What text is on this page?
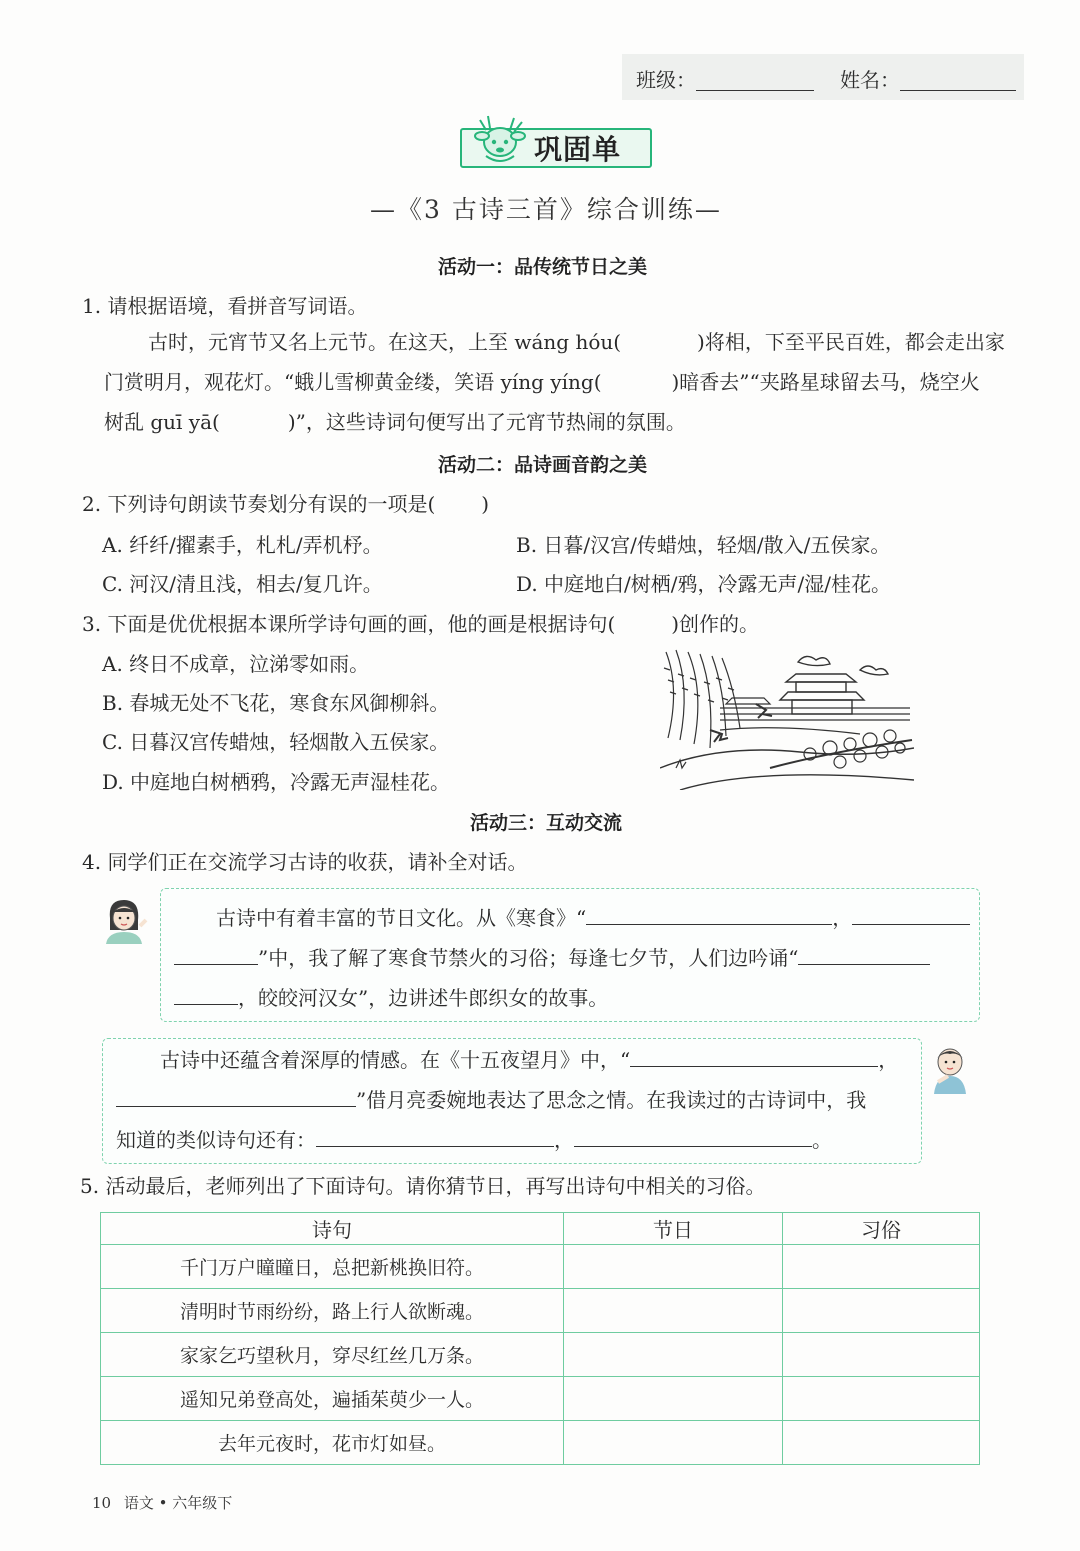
班级：	姓名：
巩固单
—《3 古诗三首》综合训练—
活动一：品传统节日之美
1. 请根据语境，看拼音写词语。
古时，元宵节又名上元节。在这天，上至 wáng hóu(	)将相，下至平民百姓，都会走出家
门赏明月，观花灯。“蛾儿雪柳黄金缕，笑语 yíng yíng(	)暗香去”“夹路星球留去马，烧空火
树乱 guī yā(	)”，这些诗词句便写出了元宵节热闹的氛围。
活动二：品诗画音韵之美
2. 下列诗句朗读节奏划分有误的一项是( )
A. 纤纤/擢素手，札札/弄机杼。	B. 日暮/汉宫/传蜡烛，轻烟/散入/五侯家。
C. 河汉/清且浅，相去/复几许。	D. 中庭地白/树栖/鸦，冷露无声/湿/桂花。
3. 下面是优优根据本课所学诗句画的画，他的画是根据诗句(	)创作的。
A. 终日不成章，泣涕零如雨。
B. 春城无处不飞花，寒食东风御柳斜。
C. 日暮汉宫传蜡烛，轻烟散入五侯家。
D. 中庭地白树栖鸦，冷露无声湿桂花。
活动三：互动交流
4. 同学们正在交流学习古诗的收获，请补全对话。
古诗中有着丰富的节日文化。从《寒食》“	，
”中，我了解了寒食节禁火的习俗；每逢七夕节，人们边吟诵“
，皎皎河汉女”，边讲述牛郎织女的故事。
古诗中还蕴含着深厚的情感。在《十五夜望月》中，“	，
”借月亮委婉地表达了思念之情。在我读过的古诗词中，我
知道的类似诗句还有：	，	。
5. 活动最后，老师列出了下面诗句。请你猜节日，再写出诗句中相关的习俗。
诗句	节日	习俗
千门万户曈曈日，总把新桃换旧符。		
清明时节雨纷纷，路上行人欲断魂。		
家家乞巧望秋月，穿尽红丝几万条。		
遥知兄弟登高处，遍插茱萸少一人。		
去年元夜时，花市灯如昼。		
10 语文 • 六年级下
